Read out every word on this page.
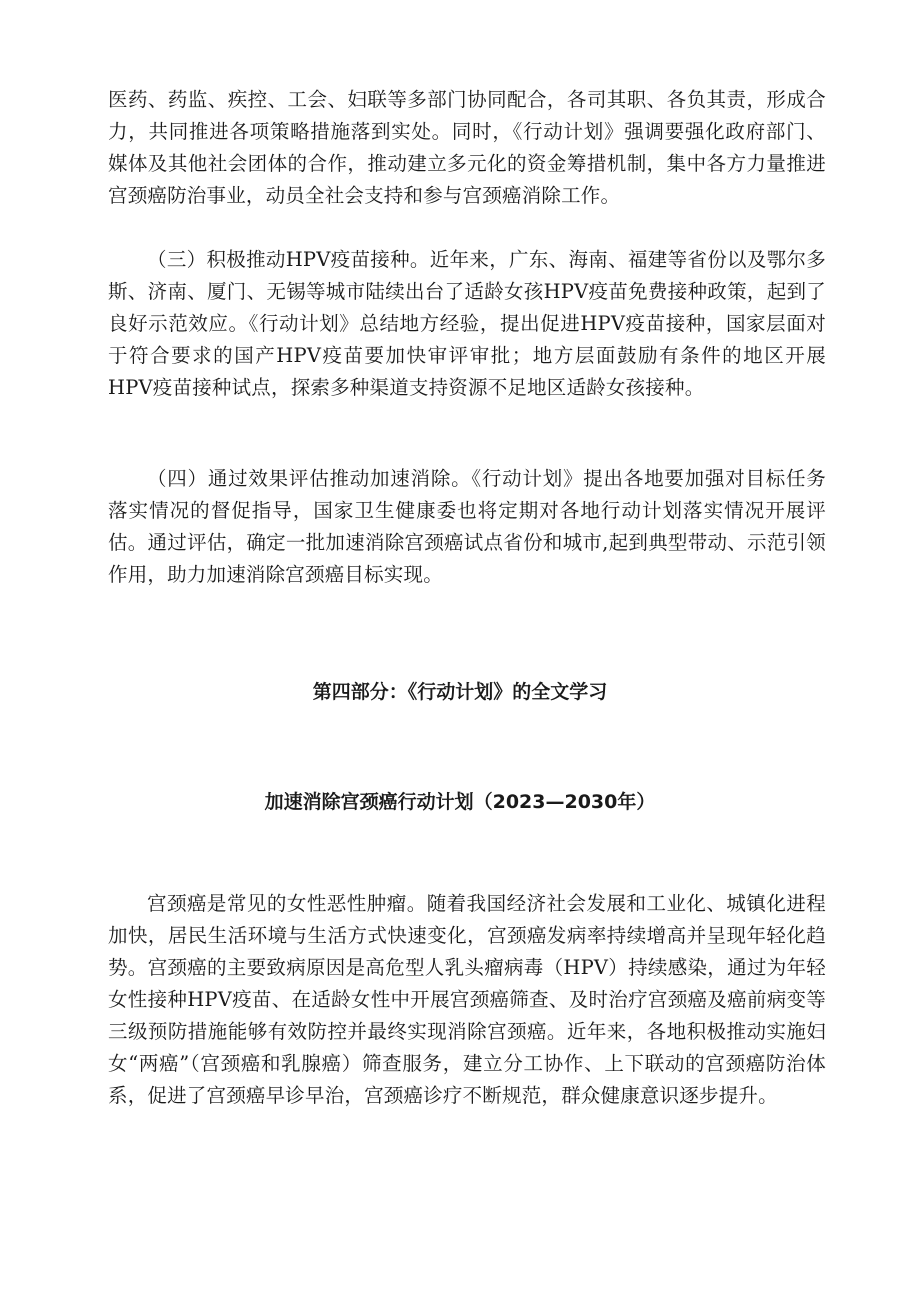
医药、药监、疾控、工会、妇联等多部门协同配合，各司其职、各负其责，形成合力，共同推进各项策略措施落到实处。同时，《行动计划》强调要强化政府部门、媒体及其他社会团体的合作，推动建立多元化的资金筹措机制，集中各方力量推进宫颈癌防治事业，动员全社会支持和参与宫颈癌消除工作。

（三）积极推动HPV疫苗接种。近年来，广东、海南、福建等省份以及鄂尔多斯、济南、厦门、无锡等城市陆续出台了适龄女孩HPV疫苗免费接种政策，起到了良好示范效应。《行动计划》总结地方经验，提出促进HPV疫苗接种，国家层面对于符合要求的国产HPV疫苗要加快审评审批；地方层面鼓励有条件的地区开展HPV疫苗接种试点，探索多种渠道支持资源不足地区适龄女孩接种。

（四）通过效果评估推动加速消除。《行动计划》提出各地要加强对目标任务落实情况的督促指导，国家卫生健康委也将定期对各地行动计划落实情况开展评估。通过评估，确定一批加速消除宫颈癌试点省份和城市,起到典型带动、示范引领作用，助力加速消除宫颈癌目标实现。

第四部分：《行动计划》的全文学习
加速消除宫颈癌行动计划（2023—2030年）

宫颈癌是常见的女性恶性肿瘤。随着我国经济社会发展和工业化、城镇化进程加快，居民生活环境与生活方式快速变化，宫颈癌发病率持续增高并呈现年轻化趋势。宫颈癌的主要致病原因是高危型人乳头瘤病毒（HPV）持续感染，通过为年轻女性接种HPV疫苗、在适龄女性中开展宫颈癌筛查、及时治疗宫颈癌及癌前病变等三级预防措施能够有效防控并最终实现消除宫颈癌。近年来，各地积极推动实施妇女“两癌”（宫颈癌和乳腺癌）筛查服务，建立分工协作、上下联动的宫颈癌防治体系，促进了宫颈癌早诊早治，宫颈癌诊疗不断规范，群众健康意识逐步提升。
